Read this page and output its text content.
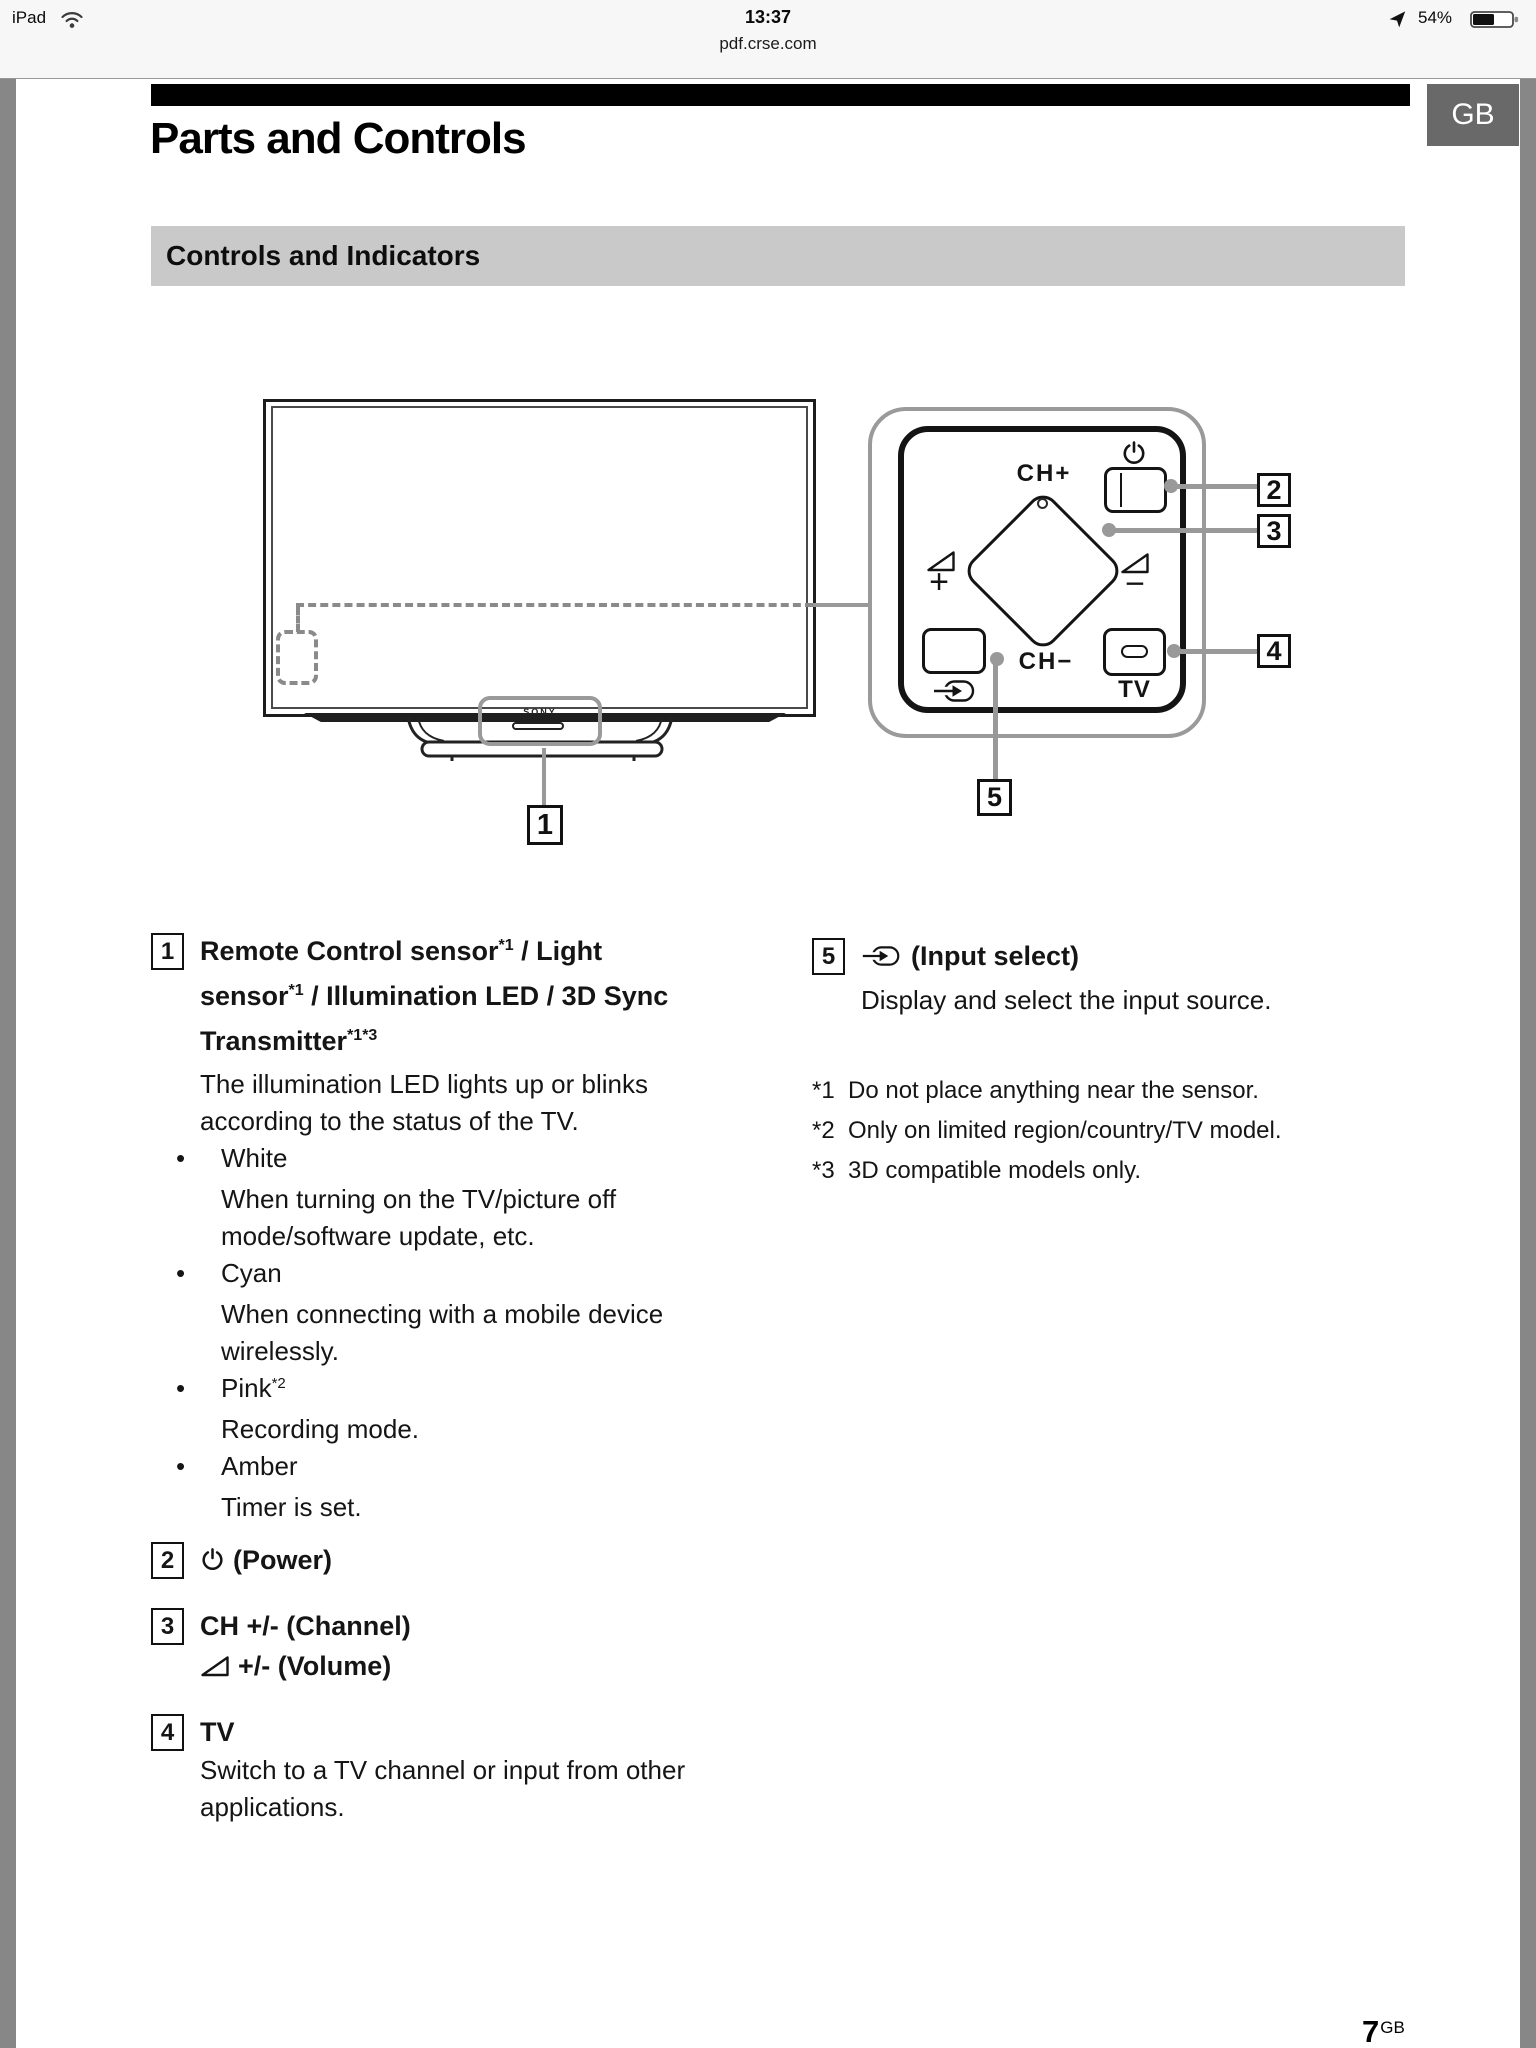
iPad	13:37	54%
pdf.crse.com
GB
Parts and Controls
Controls and Indicators
SONY
1
CH+
+	−
CH−
TV
2
3
4
5
1 Remote Control sensor$^{*1}$ / Light
sensor$^{*1}$ / Illumination LED / 3D Sync
Transmitter$^{*1*3}$
The illumination LED lights up or blinks according to the status of the TV.
• White
When turning on the TV/picture off mode/software update, etc.
• Cyan
When connecting with a mobile device wirelessly.
• Pink$^{*2}$
Recording mode.
• Amber
Timer is set.
2	(Power)
3 CH +/- (Channel)
+/- (Volume)
4 TV
Switch to a TV channel or input from other applications.
5	(Input select)
Display and select the input source.
*1 Do not place anything near the sensor.
*2 Only on limited region/country/TV model.
*3 3D compatible models only.
7GB
